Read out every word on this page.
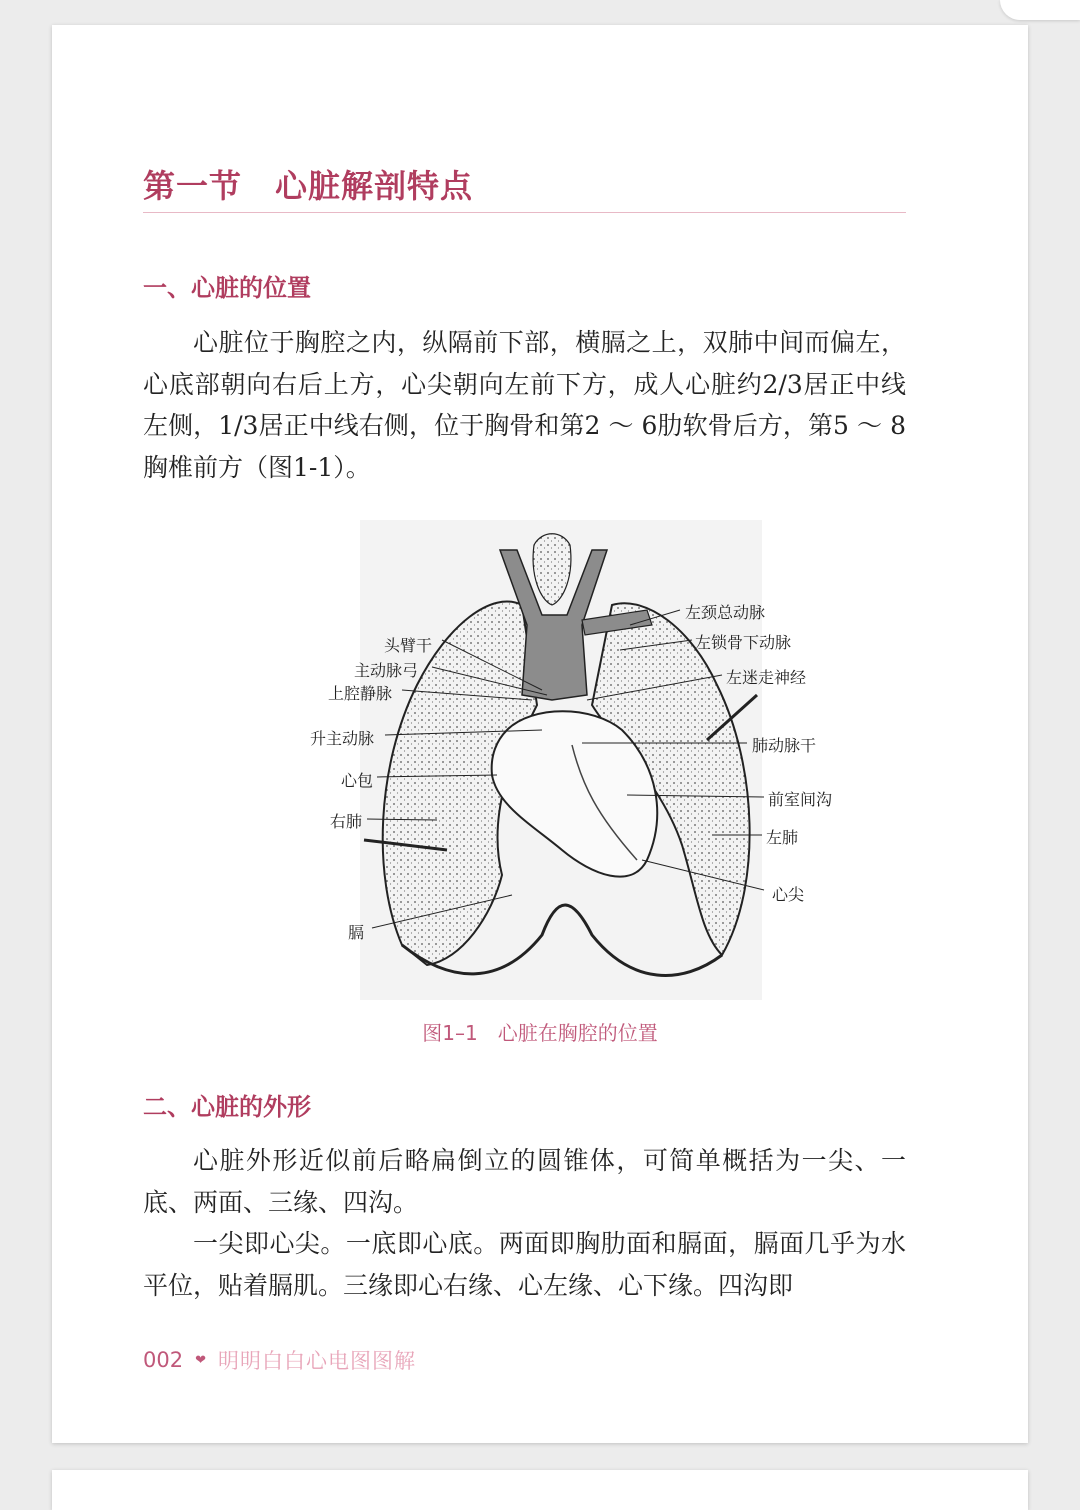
第一节　心脏解剖特点
一、心脏的位置

心脏位于胸腔之内，纵隔前下部，横膈之上，双肺中间而偏左，心底部朝向右后上方，心尖朝向左前下方，成人心脏约2/3居正中线左侧，1/3居正中线右侧，位于胸骨和第2 ～ 6肋软骨后方，第5 ～ 8胸椎前方（图1-1）。

左颈总动脉
左锁骨下动脉
左迷走神经
肺动脉干
前室间沟
左肺
心尖
头臂干
主动脉弓
上腔静脉
升主动脉
心包
右肺
膈

图1–1　心脏在胸腔的位置

二、心脏的外形

心脏外形近似前后略扁倒立的圆锥体，可简单概括为一尖、一底、两面、三缘、四沟。

一尖即心尖。一底即心底。两面即胸肋面和膈面，膈面几乎为水平位，贴着膈肌。三缘即心右缘、心左缘、心下缘。四沟即

002 ❤ 明明白白心电图图解
